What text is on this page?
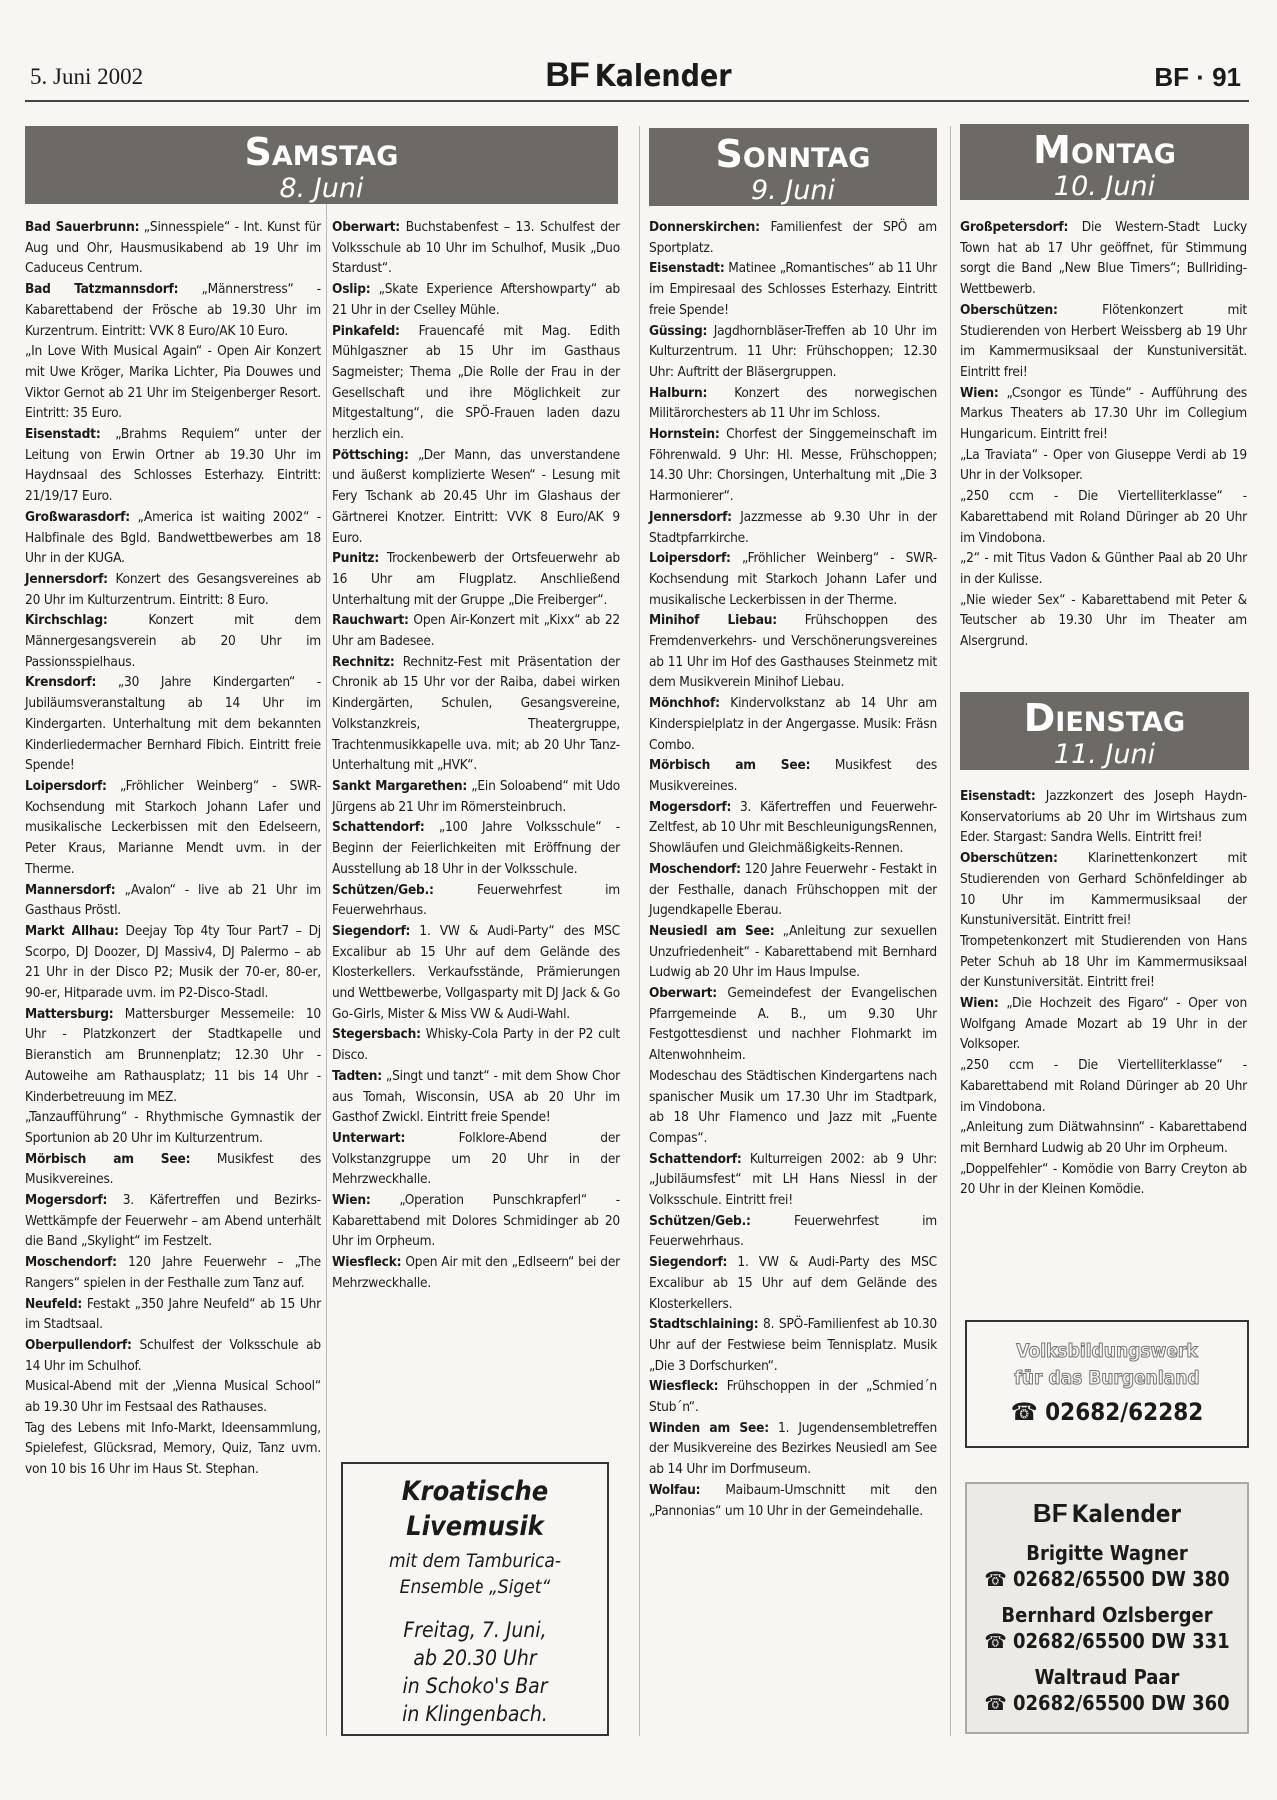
5. Juni 2002	BF Kalender	BF · 91
Samstag
8. Juni
Sonntag
9. Juni
Montag
10. Juni
Dienstag
11. Juni

Bad Sauerbrunn: „Sinnesspiele“ - Int. Kunst für Aug und Ohr, Hausmusikabend ab 19 Uhr im Caduceus Centrum.

Bad Tatzmannsdorf: „Männerstress“ - Kabarettabend der Frösche ab 19.30 Uhr im Kurzentrum. Eintritt: VVK 8 Euro/AK 10 Euro.

„In Love With Musical Again“ - Open Air Konzert mit Uwe Kröger, Marika Lichter, Pia Douwes und Viktor Gernot ab 21 Uhr im Steigenberger Resort. Eintritt: 35 Euro.

Eisenstadt: „Brahms Requiem“ unter der Leitung von Erwin Ortner ab 19.30 Uhr im Haydnsaal des Schlosses Esterhazy. Eintritt: 21/19/17 Euro.

Großwarasdorf: „America ist waiting 2002“ - Halbfinale des Bgld. Bandwettbewerbes am 18 Uhr in der KUGA.

Jennersdorf: Konzert des Gesangsvereines ab 20 Uhr im Kulturzentrum. Eintritt: 8 Euro.

Kirchschlag: Konzert mit dem Männergesangsverein ab 20 Uhr im Passionsspielhaus.

Krensdorf: „30 Jahre Kindergarten“ - Jubiläumsveranstaltung ab 14 Uhr im Kindergarten. Unterhaltung mit dem bekannten Kinderliedermacher Bernhard Fibich. Eintritt freie Spende!

Loipersdorf: „Fröhlicher Weinberg“ - SWR-Kochsendung mit Starkoch Johann Lafer und musikalische Leckerbissen mit den Edelseern, Peter Kraus, Marianne Mendt uvm. in der Therme.

Mannersdorf: „Avalon“ - live ab 21 Uhr im Gasthaus Pröstl.

Markt Allhau: Deejay Top 4ty Tour Part7 – Dj Scorpo, DJ Doozer, DJ Massiv4, DJ Palermo – ab 21 Uhr in der Disco P2; Musik der 70-er, 80-er, 90-er, Hitparade uvm. im P2-Disco-Stadl.

Mattersburg: Mattersburger Messemeile: 10 Uhr - Platzkonzert der Stadtkapelle und Bieranstich am Brunnenplatz; 12.30 Uhr - Autoweihe am Rathausplatz; 11 bis 14 Uhr - Kinderbetreuung im MEZ.

„Tanzaufführung“ - Rhythmische Gymnastik der Sportunion ab 20 Uhr im Kulturzentrum.

Mörbisch am See: Musikfest des Musikvereines.

Mogersdorf: 3. Käfertreffen und Bezirks-Wettkämpfe der Feuerwehr – am Abend unterhält die Band „Skylight“ im Festzelt.

Moschendorf: 120 Jahre Feuerwehr – „The Rangers“ spielen in der Festhalle zum Tanz auf.

Neufeld: Festakt „350 Jahre Neufeld“ ab 15 Uhr im Stadtsaal.

Oberpullendorf: Schulfest der Volksschule ab 14 Uhr im Schulhof.

Musical-Abend mit der „Vienna Musical School“ ab 19.30 Uhr im Festsaal des Rathauses.

Tag des Lebens mit Info-Markt, Ideensammlung, Spielefest, Glücksrad, Memory, Quiz, Tanz uvm. von 10 bis 16 Uhr im Haus St. Stephan.

Oberwart: Buchstabenfest – 13. Schulfest der Volksschule ab 10 Uhr im Schulhof, Musik „Duo Stardust“.

Oslip: „Skate Experience Aftershowparty“ ab 21 Uhr in der Cselley Mühle.

Pinkafeld: Frauencafé mit Mag. Edith Mühlgaszner ab 15 Uhr im Gasthaus Sagmeister; Thema „Die Rolle der Frau in der Gesellschaft und ihre Möglichkeit zur Mitgestaltung“, die SPÖ-Frauen laden dazu herzlich ein.

Pöttsching: „Der Mann, das unverstandene und äußerst komplizierte Wesen“ - Lesung mit Fery Tschank ab 20.45 Uhr im Glashaus der Gärtnerei Knotzer. Eintritt: VVK 8 Euro/AK 9 Euro.

Punitz: Trockenbewerb der Ortsfeuerwehr ab 16 Uhr am Flugplatz. Anschließend Unterhaltung mit der Gruppe „Die Freiberger“.

Rauchwart: Open Air-Konzert mit „Kixx“ ab 22 Uhr am Badesee.

Rechnitz: Rechnitz-Fest mit Präsentation der Chronik ab 15 Uhr vor der Raiba, dabei wirken Kindergärten, Schulen, Gesangsvereine, Volkstanzkreis, Theatergruppe, Trachtenmusikkapelle uva. mit; ab 20 Uhr Tanz-Unterhaltung mit „HVK“.

Sankt Margarethen: „Ein Soloabend“ mit Udo Jürgens ab 21 Uhr im Römersteinbruch.

Schattendorf: „100 Jahre Volksschule“ - Beginn der Feierlichkeiten mit Eröffnung der Ausstellung ab 18 Uhr in der Volksschule.

Schützen/Geb.: Feuerwehrfest im Feuerwehrhaus.

Siegendorf: 1. VW & Audi-Party“ des MSC Excalibur ab 15 Uhr auf dem Gelände des Klosterkellers. Verkaufsstände, Prämierungen und Wettbewerbe, Vollgasparty mit DJ Jack & Go Go-Girls, Mister & Miss VW & Audi-Wahl.

Stegersbach: Whisky-Cola Party in der P2 cult Disco.

Tadten: „Singt und tanzt“ - mit dem Show Chor aus Tomah, Wisconsin, USA ab 20 Uhr im Gasthof Zwickl. Eintritt freie Spende!

Unterwart: Folklore-Abend der Volkstanzgruppe um 20 Uhr in der Mehrzweckhalle.

Wien: „Operation Punschkrapferl“ - Kabarettabend mit Dolores Schmidinger ab 20 Uhr im Orpheum.

Wiesfleck: Open Air mit den „Edlseern“ bei der Mehrzweckhalle.

Donnerskirchen: Familienfest der SPÖ am Sportplatz.

Eisenstadt: Matinee „Romantisches“ ab 11 Uhr im Empiresaal des Schlosses Esterhazy. Eintritt freie Spende!

Güssing: Jagdhornbläser-Treffen ab 10 Uhr im Kulturzentrum. 11 Uhr: Frühschoppen; 12.30 Uhr: Auftritt der Bläsergruppen.

Halburn: Konzert des norwegischen Militärorchesters ab 11 Uhr im Schloss.

Hornstein: Chorfest der Singgemeinschaft im Föhrenwald. 9 Uhr: Hl. Messe, Frühschoppen; 14.30 Uhr: Chorsingen, Unterhaltung mit „Die 3 Harmonierer“.

Jennersdorf: Jazzmesse ab 9.30 Uhr in der Stadtpfarrkirche.

Loipersdorf: „Fröhlicher Weinberg“ - SWR-Kochsendung mit Starkoch Johann Lafer und musikalische Leckerbissen in der Therme.

Minihof Liebau: Frühschoppen des Fremdenverkehrs- und Verschönerungsvereines ab 11 Uhr im Hof des Gasthauses Steinmetz mit dem Musikverein Minihof Liebau.

Mönchhof: Kindervolkstanz ab 14 Uhr am Kinderspielplatz in der Angergasse. Musik: Fräsn Combo.

Mörbisch am See: Musikfest des Musikvereines.

Mogersdorf: 3. Käfertreffen und Feuerwehr-Zeltfest, ab 10 Uhr mit BeschleunigungsRennen, Showläufen und Gleichmäßigkeits-Rennen.

Moschendorf: 120 Jahre Feuerwehr - Festakt in der Festhalle, danach Frühschoppen mit der Jugendkapelle Eberau.

Neusiedl am See: „Anleitung zur sexuellen Unzufriedenheit“ - Kabarettabend mit Bernhard Ludwig ab 20 Uhr im Haus Impulse.

Oberwart: Gemeindefest der Evangelischen Pfarrgemeinde A. B., um 9.30 Uhr Festgottesdienst und nachher Flohmarkt im Altenwohnheim.

Modeschau des Städtischen Kindergartens nach spanischer Musik um 17.30 Uhr im Stadtpark, ab 18 Uhr Flamenco und Jazz mit „Fuente Compas“.

Schattendorf: Kulturreigen 2002: ab 9 Uhr: „Jubiläumsfest“ mit LH Hans Niessl in der Volksschule. Eintritt frei!

Schützen/Geb.: Feuerwehrfest im Feuerwehrhaus.

Siegendorf: 1. VW & Audi-Party des MSC Excalibur ab 15 Uhr auf dem Gelände des Klosterkellers.

Stadtschlaining: 8. SPÖ-Familienfest ab 10.30 Uhr auf der Festwiese beim Tennisplatz. Musik „Die 3 Dorfschurken“.

Wiesfleck: Frühschoppen in der „Schmied´n Stub´n“.

Winden am See: 1. Jugendensembletreffen der Musikvereine des Bezirkes Neusiedl am See ab 14 Uhr im Dorfmuseum.

Wolfau: Maibaum-Umschnitt mit den „Pannonias“ um 10 Uhr in der Gemeindehalle.

Großpetersdorf: Die Western-Stadt Lucky Town hat ab 17 Uhr geöffnet, für Stimmung sorgt die Band „New Blue Timers“; Bullriding-Wettbewerb.

Oberschützen: Flötenkonzert mit Studierenden von Herbert Weissberg ab 19 Uhr im Kammermusiksaal der Kunstuniversität. Eintritt frei!

Wien: „Csongor es Tünde“ - Aufführung des Markus Theaters ab 17.30 Uhr im Collegium Hungaricum. Eintritt frei!

„La Traviata“ - Oper von Giuseppe Verdi ab 19 Uhr in der Volksoper.

„250 ccm - Die Viertelliterklasse“ - Kabarettabend mit Roland Düringer ab 20 Uhr im Vindobona.

„2“ - mit Titus Vadon & Günther Paal ab 20 Uhr in der Kulisse.

„Nie wieder Sex“ - Kabarettabend mit Peter & Teutscher ab 19.30 Uhr im Theater am Alsergrund.

Eisenstadt: Jazzkonzert des Joseph Haydn-Konservatoriums ab 20 Uhr im Wirtshaus zum Eder. Stargast: Sandra Wells. Eintritt frei!

Oberschützen: Klarinettenkonzert mit Studierenden von Gerhard Schönfeldinger ab 10 Uhr im Kammermusiksaal der Kunstuniversität. Eintritt frei!

Trompetenkonzert mit Studierenden von Hans Peter Schuh ab 18 Uhr im Kammermusiksaal der Kunstuniversität. Eintritt frei!

Wien: „Die Hochzeit des Figaro“ - Oper von Wolfgang Amade Mozart ab 19 Uhr in der Volksoper.

„250 ccm - Die Viertelliterklasse“ - Kabarettabend mit Roland Düringer ab 20 Uhr im Vindobona.

„Anleitung zum Diätwahnsinn“ - Kabarettabend mit Bernhard Ludwig ab 20 Uhr im Orpheum.

„Doppelfehler“ - Komödie von Barry Creyton ab 20 Uhr in der Kleinen Komödie.

Kroatische
Livemusik
mit dem Tamburica-
Ensemble „Siget“
Freitag, 7. Juni,
ab 20.30 Uhr
in Schoko's Bar
in Klingenbach.
Volksbildungswerk
für das Burgenland
☎ 02682/62282
BF Kalender
Brigitte Wagner
☎ 02682/65500 DW 380
Bernhard Ozlsberger
☎ 02682/65500 DW 331
Waltraud Paar
☎ 02682/65500 DW 360
